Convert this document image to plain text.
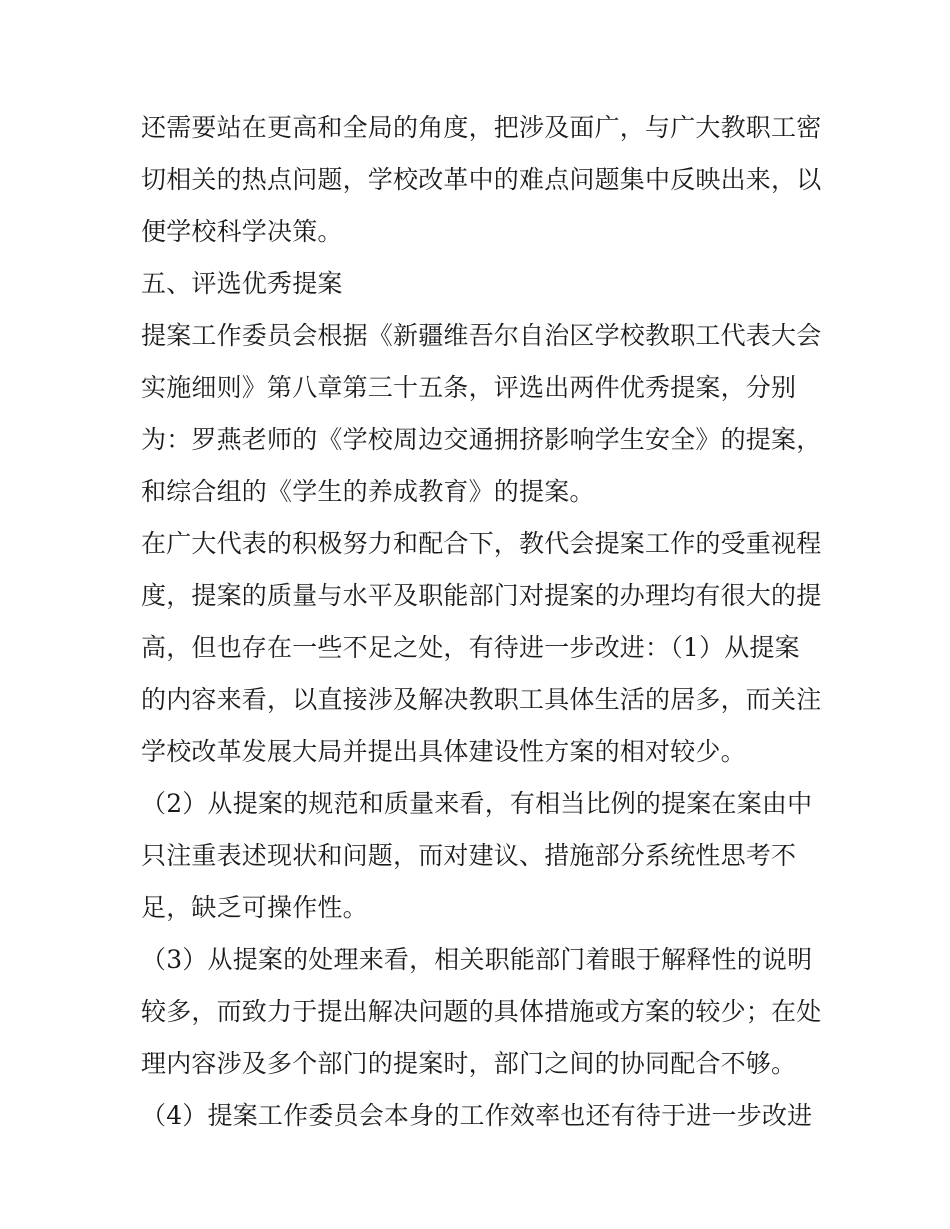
还需要站在更高和全局的角度，把涉及面广，与广大教职工密
切相关的热点问题，学校改革中的难点问题集中反映出来，以
便学校科学决策。
五、评选优秀提案
提案工作委员会根据《新疆维吾尔自治区学校教职工代表大会
实施细则》第八章第三十五条，评选出两件优秀提案，分别
为：罗燕老师的《学校周边交通拥挤影响学生安全》的提案，
和综合组的《学生的养成教育》的提案。
在广大代表的积极努力和配合下，教代会提案工作的受重视程
度，提案的质量与水平及职能部门对提案的办理均有很大的提
高，但也存在一些不足之处，有待进一步改进：（1）从提案
的内容来看，以直接涉及解决教职工具体生活的居多，而关注
学校改革发展大局并提出具体建设性方案的相对较少。
（2）从提案的规范和质量来看，有相当比例的提案在案由中
只注重表述现状和问题，而对建议、措施部分系统性思考不
足，缺乏可操作性。
（3）从提案的处理来看，相关职能部门着眼于解释性的说明
较多，而致力于提出解决问题的具体措施或方案的较少；在处
理内容涉及多个部门的提案时，部门之间的协同配合不够。
（4）提案工作委员会本身的工作效率也还有待于进一步改进
